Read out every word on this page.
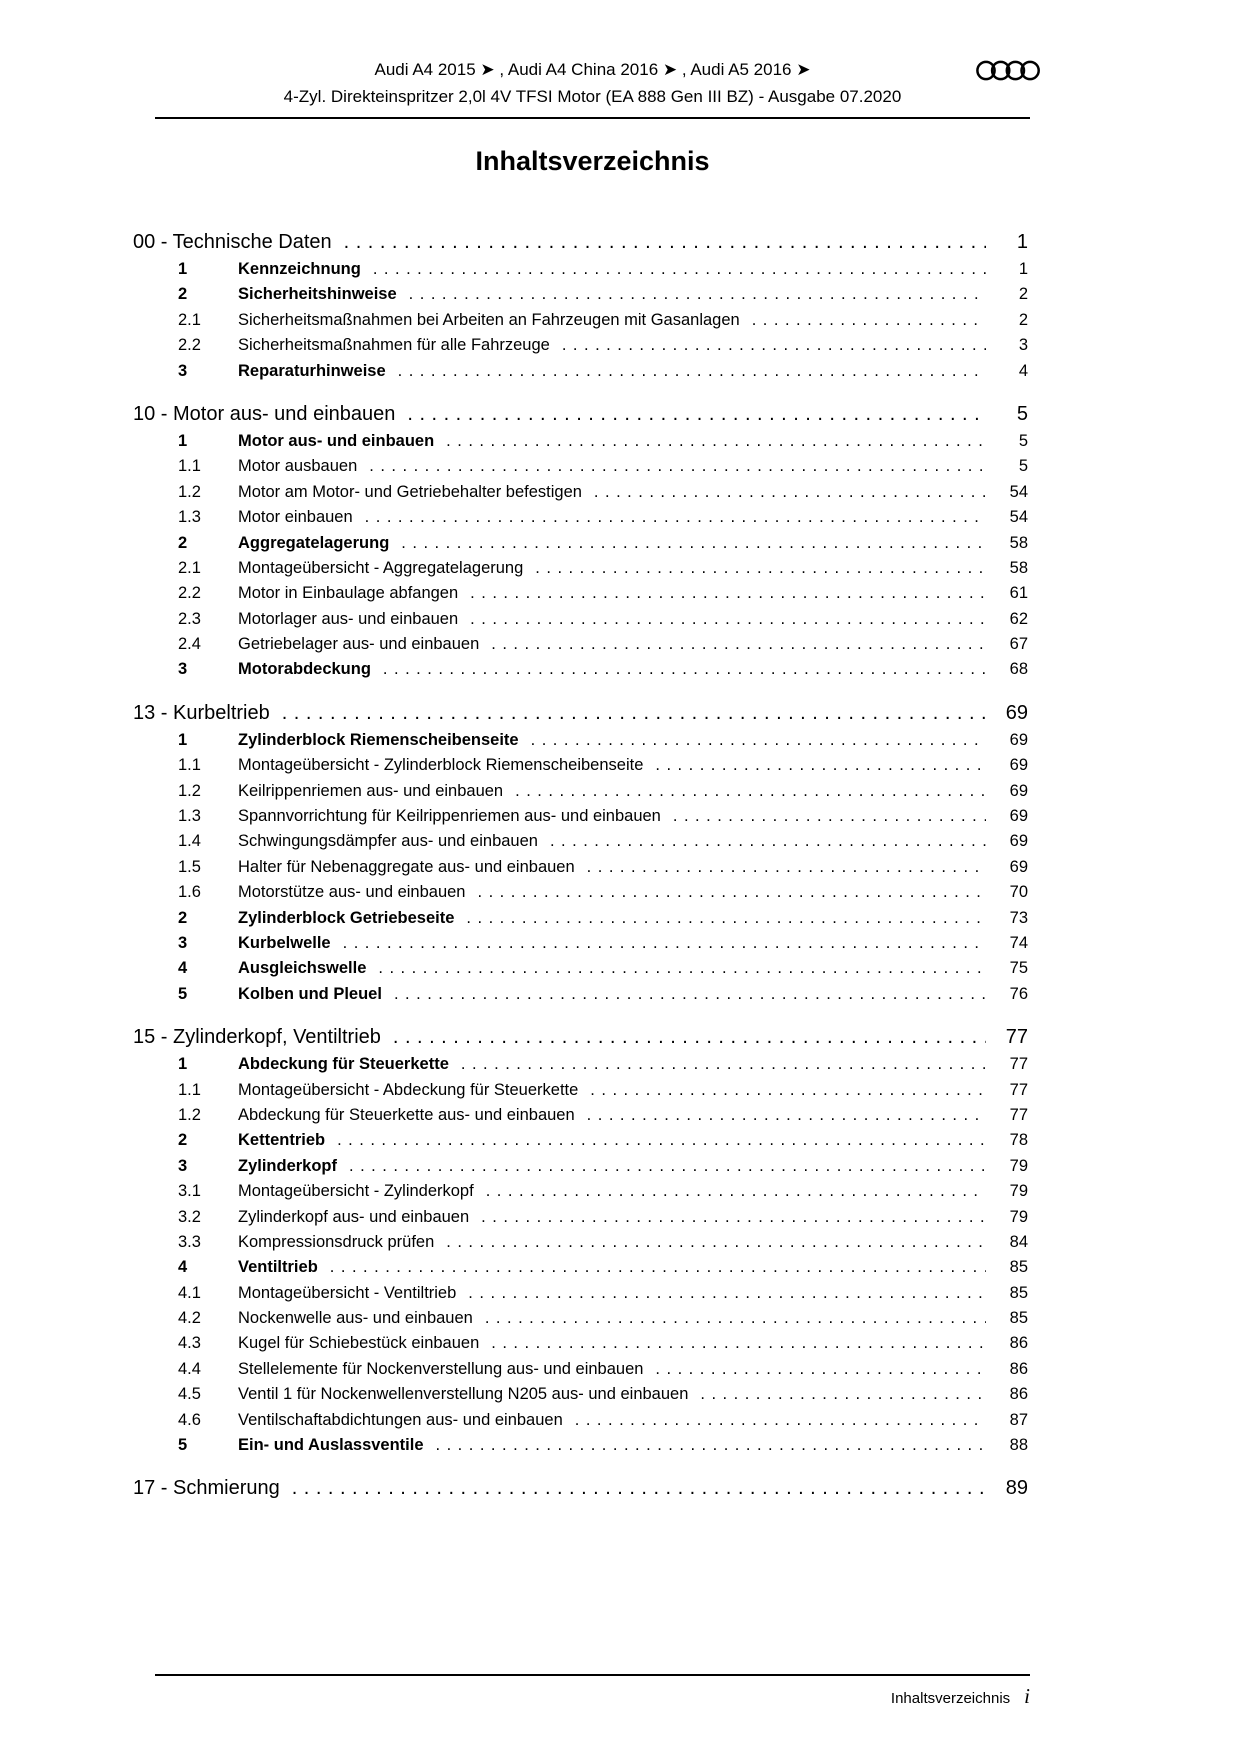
Audi A4 2015 ➤ , Audi A4 China 2016 ➤ , Audi A5 2016 ➤
4-Zyl. Direkteinspritzer 2,0l 4V TFSI Motor (EA 888 Gen III BZ) - Ausgabe 07.2020
Inhaltsverzeichnis
00 - Technische Daten .....	1
1	Kennzeichnung .....	1
2	Sicherheitshinweise .....	2
2.1	Sicherheitsmaßnahmen bei Arbeiten an Fahrzeugen mit Gasanlagen .....	2
2.2	Sicherheitsmaßnahmen für alle Fahrzeuge .....	3
3	Reparaturhinweise .....	4
10 - Motor aus- und einbauen .....	5
1	Motor aus- und einbauen .....	5
1.1	Motor ausbauen .....	5
1.2	Motor am Motor- und Getriebehalter befestigen .....	54
1.3	Motor einbauen .....	54
2	Aggregatelagerung .....	58
2.1	Montageübersicht - Aggregatelagerung .....	58
2.2	Motor in Einbaulage abfangen .....	61
2.3	Motorlager aus- und einbauen .....	62
2.4	Getriebelager aus- und einbauen .....	67
3	Motorabdeckung .....	68
13 - Kurbeltrieb .....	69
1	Zylinderblock Riemenscheibenseite .....	69
1.1	Montageübersicht - Zylinderblock Riemenscheibenseite .....	69
1.2	Keilrippenriemen aus- und einbauen .....	69
1.3	Spannvorrichtung für Keilrippenriemen aus- und einbauen .....	69
1.4	Schwingungsdämpfer aus- und einbauen .....	69
1.5	Halter für Nebenaggregate aus- und einbauen .....	69
1.6	Motorstütze aus- und einbauen .....	70
2	Zylinderblock Getriebeseite .....	73
3	Kurbelwelle .....	74
4	Ausgleichswelle .....	75
5	Kolben und Pleuel .....	76
15 - Zylinderkopf, Ventiltrieb .....	77
1	Abdeckung für Steuerkette .....	77
1.1	Montageübersicht - Abdeckung für Steuerkette .....	77
1.2	Abdeckung für Steuerkette aus- und einbauen .....	77
2	Kettentrieb .....	78
3	Zylinderkopf .....	79
3.1	Montageübersicht - Zylinderkopf .....	79
3.2	Zylinderkopf aus- und einbauen .....	79
3.3	Kompressionsdruck prüfen .....	84
4	Ventiltrieb .....	85
4.1	Montageübersicht - Ventiltrieb .....	85
4.2	Nockenwelle aus- und einbauen .....	85
4.3	Kugel für Schiebestück einbauen .....	86
4.4	Stellelemente für Nockenverstellung aus- und einbauen .....	86
4.5	Ventil 1 für Nockenwellenverstellung N205 aus- und einbauen .....	86
4.6	Ventilschaftabdichtungen aus- und einbauen .....	87
5	Ein- und Auslassventile .....	88
17 - Schmierung .....	89
Inhaltsverzeichnis i
